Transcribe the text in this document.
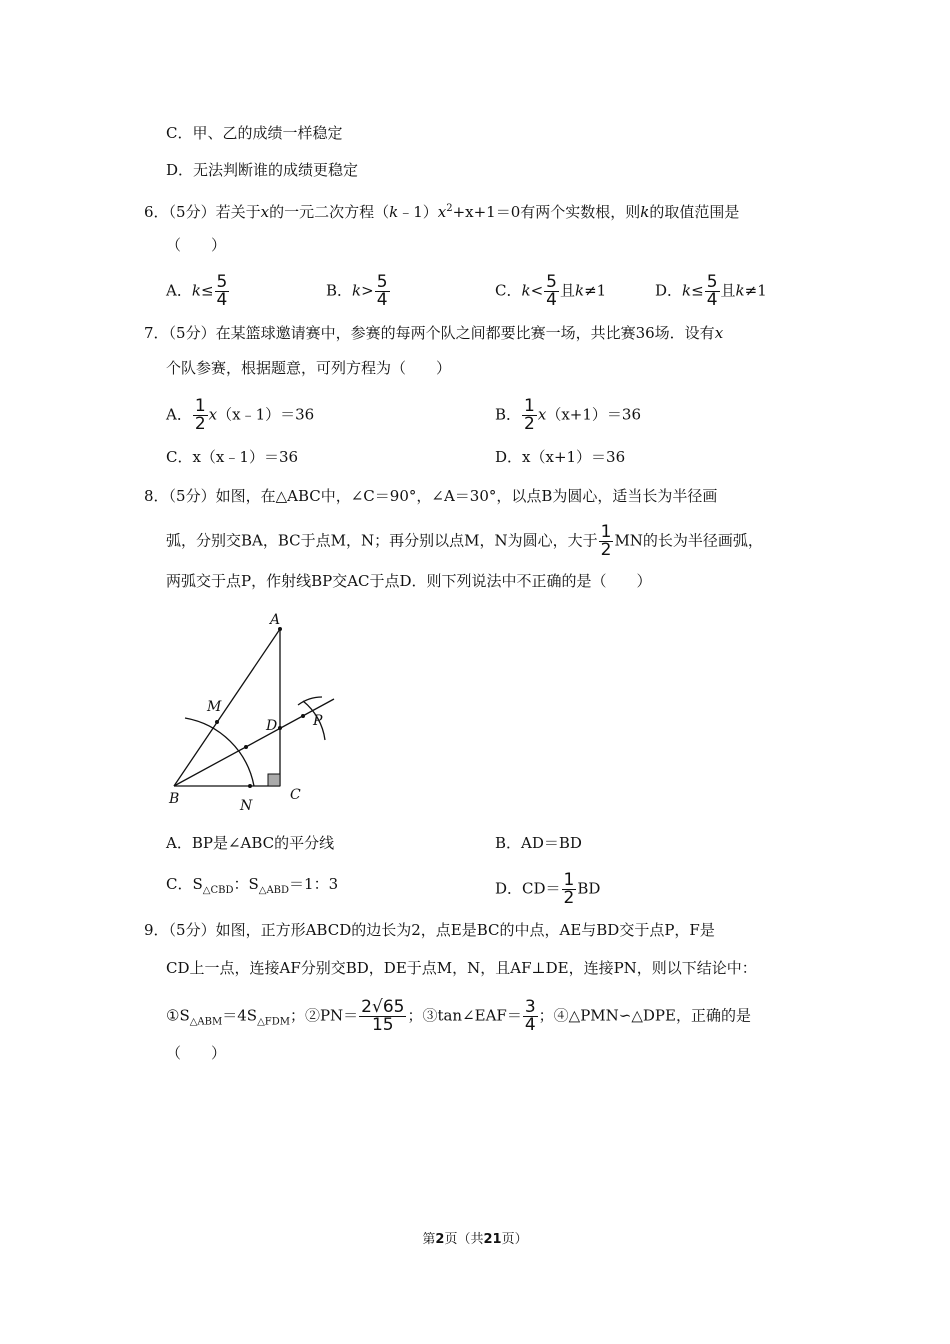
C．甲、乙的成绩一样稳定
D．无法判断谁的成绩更稳定
6．（5分）若关于x的一元二次方程$(k﹣1)x^2+x+1=0$有两个实数根，则k的取值范围是
（　　）
A．$k\le \frac{5}{4}$	B．$k> \frac{5}{4}$	C．$k< \frac{5}{4}$ 且k≠1	D．$k\le \frac{5}{4}$ 且k≠1
7．（5分）在某篮球邀请赛中，参赛的每两个队之间都要比赛一场，共比赛36场．设有x
个队参赛，根据题意，可列方程为（　　）
A． $\frac{1}{2}$ x（x﹣1）＝36	B． $\frac{1}{2} x(x+1)=36$
C．x（x﹣1）＝36	D．x（x+1）＝36
8．（5分）如图，在△ABC中，∠C＝90°，∠A＝30°，以点B为圆心，适当长为半径画
弧，分别交BA，BC于点M，N；再分别以点M，N为圆心，大于 $\frac{1}{2}$ MN的长为半径画弧，
两弧交于点P，作射线BP交AC于点D．则下列说法中不正确的是（　　）
A
B	C
D
M
N
P
A．BP是∠ABC的平分线	B．AD＝BD
C．$S_{\triangle CBD}$：$S_{\triangle ABD}=1$：3	D．$CD= \frac{1}{2}$ BD
9．（5分）如图，正方形ABCD的边长为2，点E是BC的中点，AE与BD交于点P，F是
CD上一点，连接AF分别交BD，DE于点M，N，且AF⊥DE，连接PN，则以下结论中：
$①S_{\triangle ABM}=4S_{\triangle FDM}$；②PN＝ $\frac{2√65}{15}$ ；③tan∠EAF＝ $\frac{3}{4}$ ；④△PMN∽△DPE，正确的是
（　　）
第2页（共21页）
